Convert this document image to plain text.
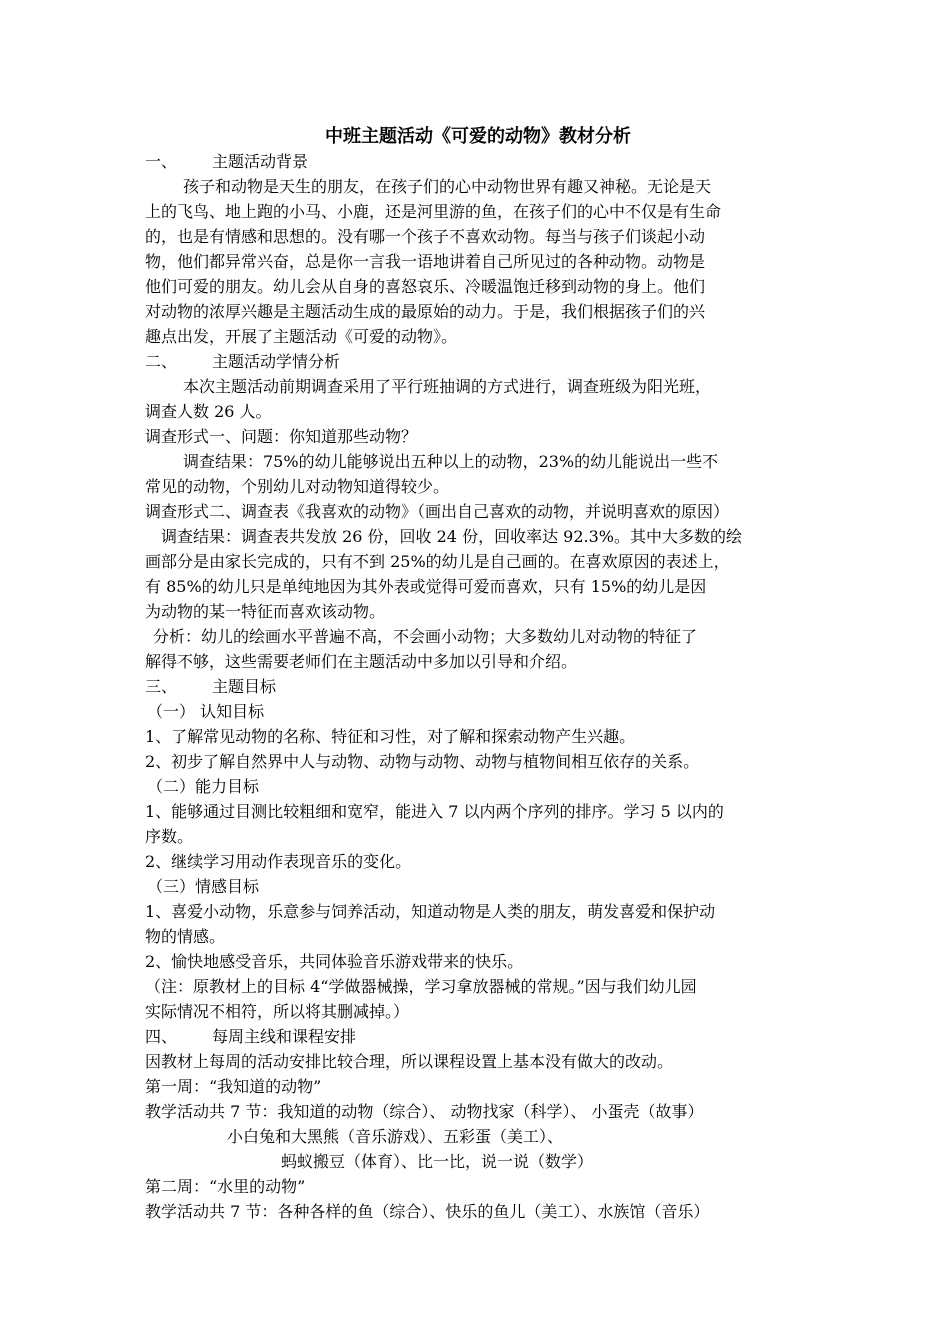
中班主题活动《可爱的动物》教材分析

一、 主题活动背景

孩子和动物是天生的朋友，在孩子们的心中动物世界有趣又神秘。无论是天

上的飞鸟、地上跑的小马、小鹿，还是河里游的鱼，在孩子们的心中不仅是有生命

的，也是有情感和思想的。没有哪一个孩子不喜欢动物。每当与孩子们谈起小动

物，他们都异常兴奋，总是你一言我一语地讲着自己所见过的各种动物。动物是

他们可爱的朋友。幼儿会从自身的喜怒哀乐、冷暖温饱迁移到动物的身上。他们

对动物的浓厚兴趣是主题活动生成的最原始的动力。于是，我们根据孩子们的兴

趣点出发，开展了主题活动《可爱的动物》。

二、 主题活动学情分析

本次主题活动前期调查采用了平行班抽调的方式进行，调查班级为阳光班，

调查人数 26 人。

调查形式一、问题：你知道那些动物？

调查结果：75%的幼儿能够说出五种以上的动物，23%的幼儿能说出一些不

常见的动物，个别幼儿对动物知道得较少。

调查形式二、调查表《我喜欢的动物》（画出自己喜欢的动物，并说明喜欢的原因）

调查结果：调查表共发放 26 份，回收 24 份，回收率达 92.3%。其中大多数的绘

画部分是由家长完成的，只有不到 25%的幼儿是自己画的。在喜欢原因的表述上，

有 85%的幼儿只是单纯地因为其外表或觉得可爱而喜欢，只有 15%的幼儿是因

为动物的某一特征而喜欢该动物。

分析：幼儿的绘画水平普遍不高，不会画小动物；大多数幼儿对动物的特征了

解得不够，这些需要老师们在主题活动中多加以引导和介绍。

三、 主题目标

（一） 认知目标

1、了解常见动物的名称、特征和习性，对了解和探索动物产生兴趣。

2、初步了解自然界中人与动物、动物与动物、动物与植物间相互依存的关系。

（二）能力目标

1、能够通过目测比较粗细和宽窄，能进入 7 以内两个序列的排序。学习 5 以内的

序数。

2、继续学习用动作表现音乐的变化。

（三）情感目标

1、喜爱小动物，乐意参与饲养活动，知道动物是人类的朋友，萌发喜爱和保护动

物的情感。

2、愉快地感受音乐，共同体验音乐游戏带来的快乐。

（注：原教材上的目标 4“学做器械操，学习拿放器械的常规。”因与我们幼儿园

实际情况不相符，所以将其删减掉。）

四、 每周主线和课程安排

因教材上每周的活动安排比较合理，所以课程设置上基本没有做大的改动。

第一周：“我知道的动物”

教学活动共 7 节：我知道的动物（综合）、 动物找家（科学）、 小蛋壳（故事）

小白兔和大黑熊（音乐游戏）、五彩蛋（美工）、

蚂蚁搬豆（体育）、比一比，说一说（数学）

第二周：“水里的动物”

教学活动共 7 节：各种各样的鱼（综合）、快乐的鱼儿（美工）、水族馆（音乐）
